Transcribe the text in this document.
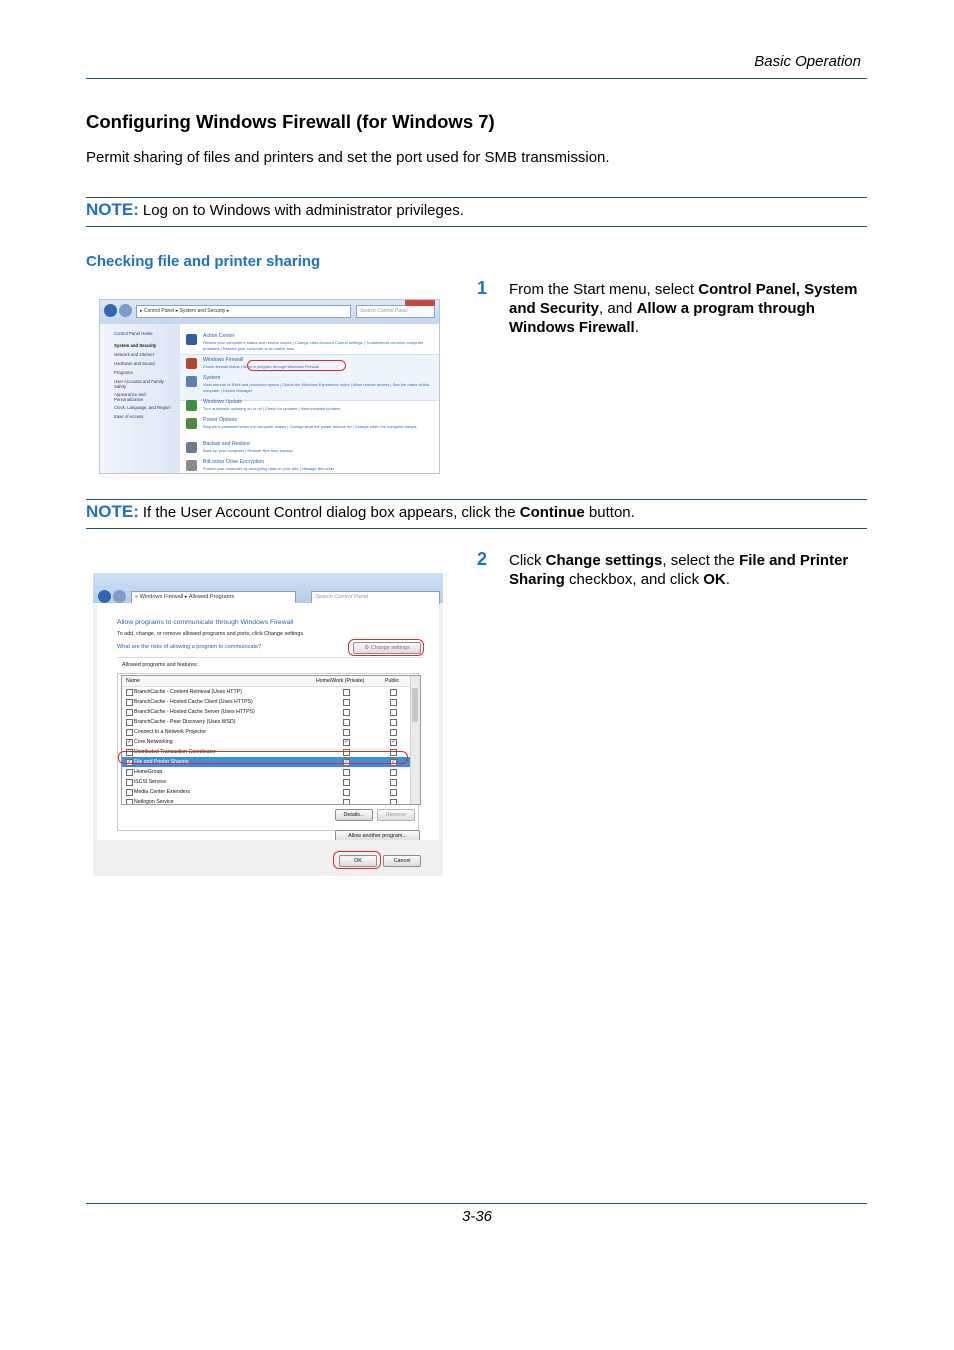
Basic Operation
Configuring Windows Firewall (for Windows 7)
Permit sharing of files and printers and set the port used for SMB transmission.
NOTE: Log on to Windows with administrator privileges.
Checking file and printer sharing
1 From the Start menu, select Control Panel, System and Security, and Allow a program through Windows Firewall.
▸ Control Panel ▸ System and Security ▸	Search Control Panel
Control Panel Home
System and Security
Network and Internet
Hardware and Sound
Programs
User Accounts and Family Safety
Appearance and Personalization
Clock, Language, and Region
Ease of Access
Action Center
Review your computer's status and resolve issues | Change User Account Control settings | Troubleshoot common computer problems | Restore your computer to an earlier time
Windows Firewall
Check firewall status | Allow a program through Windows Firewall
System
View amount of RAM and processor speed | Check the Windows Experience Index | Allow remote access | See the name of this computer | Device Manager
Windows Update
Turn automatic updating on or off | Check for updates | View installed updates
Power Options
Require a password when the computer wakes | Change what the power buttons do | Change when the computer sleeps
Backup and Restore
Back up your computer | Restore files from backup
BitLocker Drive Encryption
Protect your computer by encrypting data on your disk | Manage BitLocker
NOTE: If the User Account Control dialog box appears, click the Continue button.
2 Click Change settings, select the File and Printer Sharing checkbox, and click OK.
« Windows Firewall ▸ Allowed Programs	Search Control Panel
Allow programs to communicate through Windows Firewall
To add, change, or remove allowed programs and ports, click Change settings.
What are the risks of allowing a program to communicate?	⚙ Change settings
Allowed programs and features:
Name	Home/Work (Private)	Public
BranchCache - Content Retrieval (Uses HTTP)
BranchCache - Hosted Cache Client (Uses HTTPS)
BranchCache - Hosted Cache Server (Uses HTTPS)
BranchCache - Peer Discovery (Uses WSD)
Connect to a Network Projector
✓ Core Networking	✓	✓
Distributed Transaction Coordinator
✓ File and Printer Sharing	✓	✓
HomeGroup
iSCSI Service
Media Center Extenders
Netlogon Service
Details...	Remove
Allow another program...
OK	Cancel
3-36
